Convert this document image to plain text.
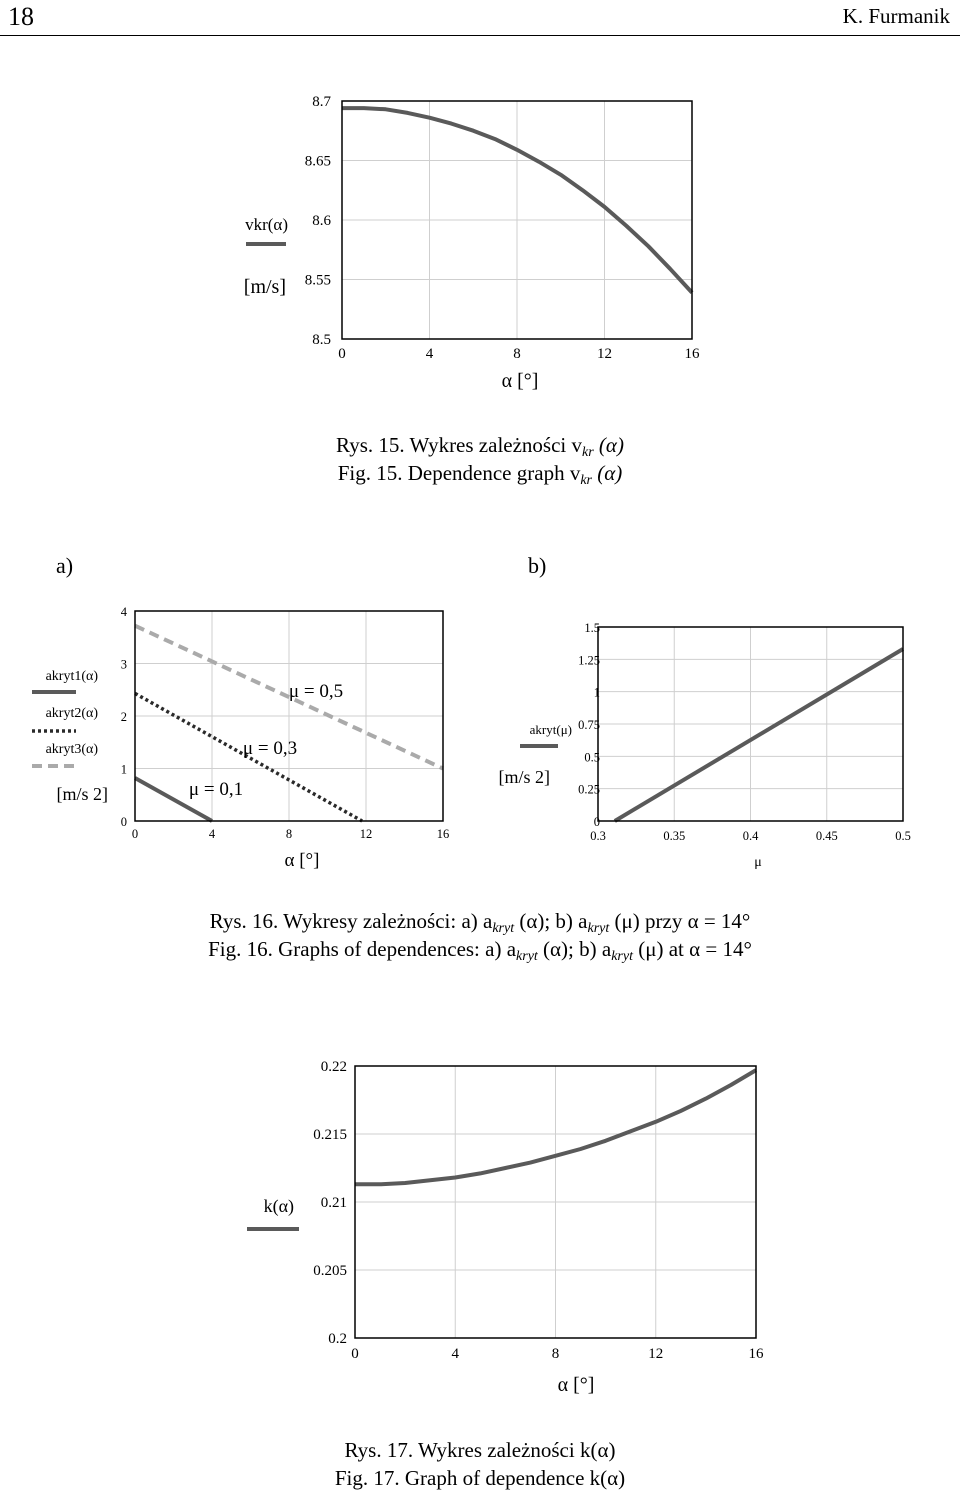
18	K. Furmanik
8.5
8.55
8.6
8.65
8.7
0	4	8	12	16
α [°]
[m/s]
vkr(α)
Rys. 15. Wykres zależności $v_{kr}$ (α)
Fig. 15. Dependence graph $v_{kr}$ (α)
a)	b)
0
1
2
3
4
0	4	8	12	16
α [°]
[m/s 2]
akryt1(α)
akryt2(α)
akryt3(α)
μ = 0,5
μ = 0,3
μ = 0,1
0
0.25
0.5
0.75
1
1.25
1.5
0.3	0.35	0.4	0.45	0.5
μ
[m/s 2]
akryt(μ)
Rys. 16. Wykresy zależności: a) $a_{kryt}$ (α); b) $a_{kryt}$ (μ) przy α = 14°
Fig. 16. Graphs of dependences: a) $a_{kryt}$ (α); b) $a_{kryt}$ (μ) at α = 14°
0.2
0.205
0.21
0.215
0.22
0	4	8	12	16
α [°]
k(α)
Rys. 17. Wykres zależności k(α)
Fig. 17. Graph of dependence k(α)
